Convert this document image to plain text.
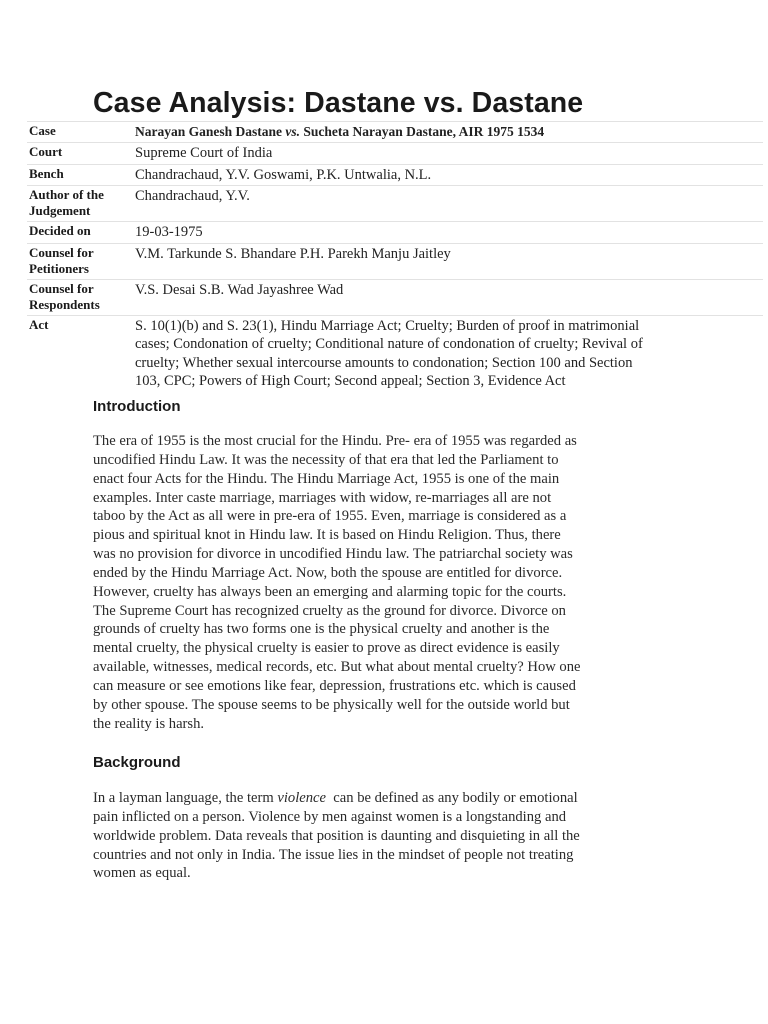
Case Analysis: Dastane vs. Dastane
Case	Narayan Ganesh Dastane vs. Sucheta Narayan Dastane, AIR 1975 1534
Court	Supreme Court of India
Bench	Chandrachaud, Y.V. Goswami, P.K. Untwalia, N.L.
Author of the
Judgement	Chandrachaud, Y.V.
Decided on	19-03-1975
Counsel for
Petitioners	V.M. Tarkunde S. Bhandare P.H. Parekh Manju Jaitley
Counsel for
Respondents	V.S. Desai S.B. Wad Jayashree Wad
Act	S. 10(1)(b) and S. 23(1), Hindu Marriage Act; Cruelty; Burden of proof in matrimonial
cases; Condonation of cruelty; Conditional nature of condonation of cruelty; Revival of
cruelty; Whether sexual intercourse amounts to condonation; Section 100 and Section
103, CPC; Powers of High Court; Second appeal; Section 3, Evidence Act
Introduction
The era of 1955 is the most crucial for the Hindu. Pre- era of 1955 was regarded as
uncodified Hindu Law. It was the necessity of that era that led the Parliament to
enact four Acts for the Hindu. The Hindu Marriage Act, 1955 is one of the main
examples. Inter caste marriage, marriages with widow, re-marriages all are not
taboo by the Act as all were in pre-era of 1955. Even, marriage is considered as a
pious and spiritual knot in Hindu law. It is based on Hindu Religion. Thus, there
was no provision for divorce in uncodified Hindu law. The patriarchal society was
ended by the Hindu Marriage Act. Now, both the spouse are entitled for divorce.
However, cruelty has always been an emerging and alarming topic for the courts.
The Supreme Court has recognized cruelty as the ground for divorce. Divorce on
grounds of cruelty has two forms one is the physical cruelty and another is the
mental cruelty, the physical cruelty is easier to prove as direct evidence is easily
available, witnesses, medical records, etc. But what about mental cruelty? How one
can measure or see emotions like fear, depression, frustrations etc. which is caused
by other spouse. The spouse seems to be physically well for the outside world but
the reality is harsh.
Background
In a layman language, the term violence  can be defined as any bodily or emotional
pain inflicted on a person. Violence by men against women is a longstanding and
worldwide problem. Data reveals that position is daunting and disquieting in all the
countries and not only in India. The issue lies in the mindset of people not treating
women as equal.
